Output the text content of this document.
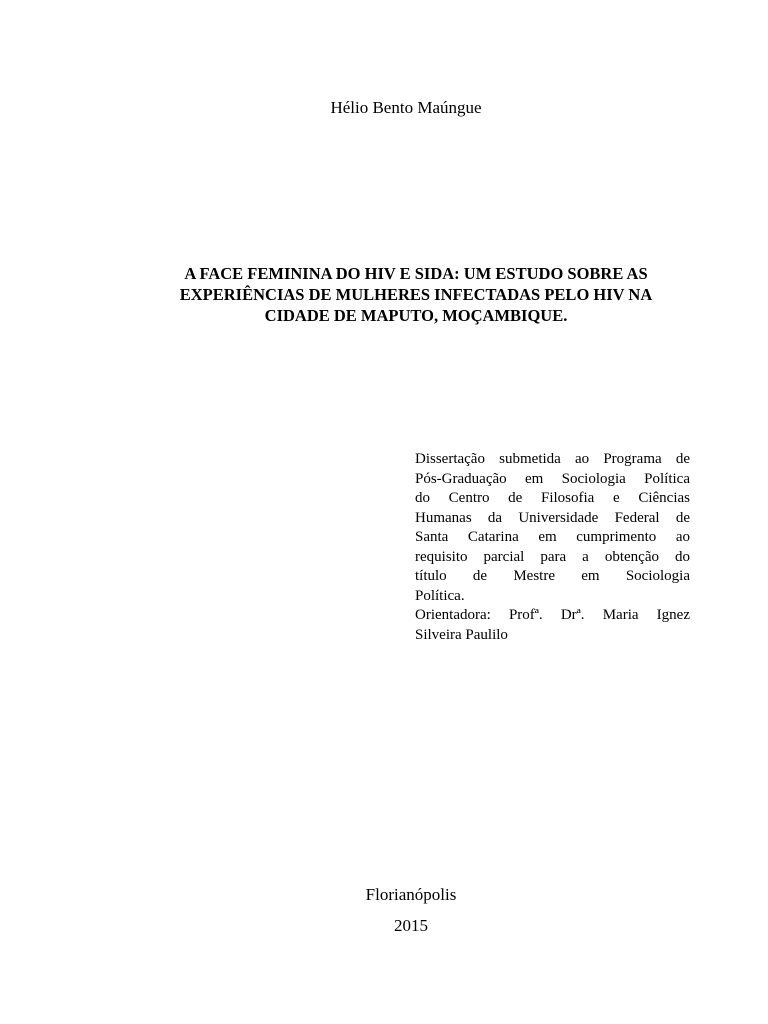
Hélio Bento Maúngue
A FACE FEMININA DO HIV E SIDA: UM ESTUDO SOBRE AS
EXPERIÊNCIAS DE MULHERES INFECTADAS PELO HIV NA
CIDADE DE MAPUTO, MOÇAMBIQUE.
Dissertação submetida ao Programa de
Pós-Graduação em Sociologia Política
do Centro de Filosofia e Ciências
Humanas da Universidade Federal de
Santa Catarina em cumprimento ao
requisito parcial para a obtenção do
título de Mestre em Sociologia
Política.
Orientadora: Profª. Drª. Maria Ignez
Silveira Paulilo
Florianópolis
2015
